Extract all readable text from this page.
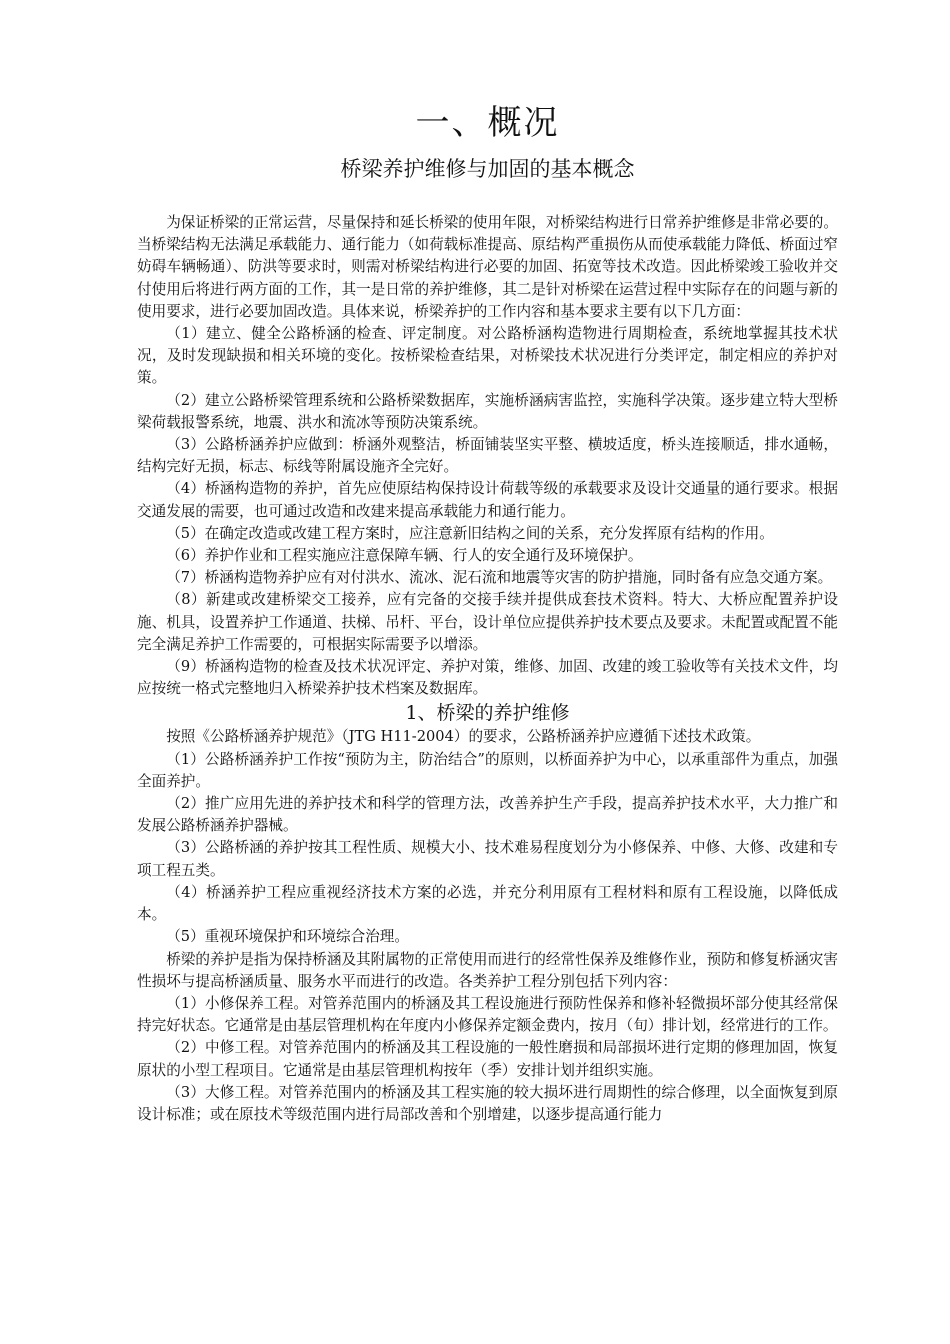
一、概况
桥梁养护维修与加固的基本概念

为保证桥梁的正常运营，尽量保持和延长桥梁的使用年限，对桥梁结构进行日常养护维修是非常必要的。当桥梁结构无法满足承载能力、通行能力（如荷载标准提高、原结构严重损伤从而使承载能力降低、桥面过窄妨碍车辆畅通）、防洪等要求时，则需对桥梁结构进行必要的加固、拓宽等技术改造。因此桥梁竣工验收并交付使用后将进行两方面的工作，其一是日常的养护维修，其二是针对桥梁在运营过程中实际存在的问题与新的使用要求，进行必要加固改造。具体来说，桥梁养护的工作内容和基本要求主要有以下几方面：

（1）建立、健全公路桥涵的检查、评定制度。对公路桥涵构造物进行周期检查，系统地掌握其技术状况，及时发现缺损和相关环境的变化。按桥梁检查结果，对桥梁技术状况进行分类评定，制定相应的养护对策。

（2）建立公路桥梁管理系统和公路桥梁数据库，实施桥涵病害监控，实施科学决策。逐步建立特大型桥梁荷载报警系统，地震、洪水和流冰等预防决策系统。

（3）公路桥涵养护应做到：桥涵外观整洁，桥面铺装坚实平整、横坡适度，桥头连接顺适，排水通畅，结构完好无损，标志、标线等附属设施齐全完好。

（4）桥涵构造物的养护，首先应使原结构保持设计荷载等级的承载要求及设计交通量的通行要求。根据交通发展的需要，也可通过改造和改建来提高承载能力和通行能力。

（5）在确定改造或改建工程方案时，应注意新旧结构之间的关系，充分发挥原有结构的作用。

（6）养护作业和工程实施应注意保障车辆、行人的安全通行及环境保护。

（7）桥涵构造物养护应有对付洪水、流冰、泥石流和地震等灾害的防护措施，同时备有应急交通方案。

（8）新建或改建桥梁交工接养，应有完备的交接手续并提供成套技术资料。特大、大桥应配置养护设施、机具，设置养护工作通道、扶梯、吊杆、平台，设计单位应提供养护技术要点及要求。未配置或配置不能完全满足养护工作需要的，可根据实际需要予以增添。

（9）桥涵构造物的检查及技术状况评定、养护对策，维修、加固、改建的竣工验收等有关技术文件，均应按统一格式完整地归入桥梁养护技术档案及数据库。

1、桥梁的养护维修

按照《公路桥涵养护规范》（JTG H11-2004）的要求，公路桥涵养护应遵循下述技术政策。

（1）公路桥涵养护工作按“预防为主，防治结合”的原则，以桥面养护为中心，以承重部件为重点，加强全面养护。

（2）推广应用先进的养护技术和科学的管理方法，改善养护生产手段，提高养护技术水平，大力推广和发展公路桥涵养护器械。

（3）公路桥涵的养护按其工程性质、规模大小、技术难易程度划分为小修保养、中修、大修、改建和专项工程五类。

（4）桥涵养护工程应重视经济技术方案的必选，并充分利用原有工程材料和原有工程设施，以降低成本。

（5）重视环境保护和环境综合治理。

桥梁的养护是指为保持桥涵及其附属物的正常使用而进行的经常性保养及维修作业，预防和修复桥涵灾害性损坏与提高桥涵质量、服务水平而进行的改造。各类养护工程分别包括下列内容：

（1）小修保养工程。对管养范围内的桥涵及其工程设施进行预防性保养和修补轻微损坏部分使其经常保持完好状态。它通常是由基层管理机构在年度内小修保养定额金费内，按月（旬）排计划，经常进行的工作。

（2）中修工程。对管养范围内的桥涵及其工程设施的一般性磨损和局部损坏进行定期的修理加固，恢复原状的小型工程项目。它通常是由基层管理机构按年（季）安排计划并组织实施。

（3）大修工程。对管养范围内的桥涵及其工程实施的较大损坏进行周期性的综合修理，以全面恢复到原设计标准；或在原技术等级范围内进行局部改善和个别增建，以逐步提高通行能力
